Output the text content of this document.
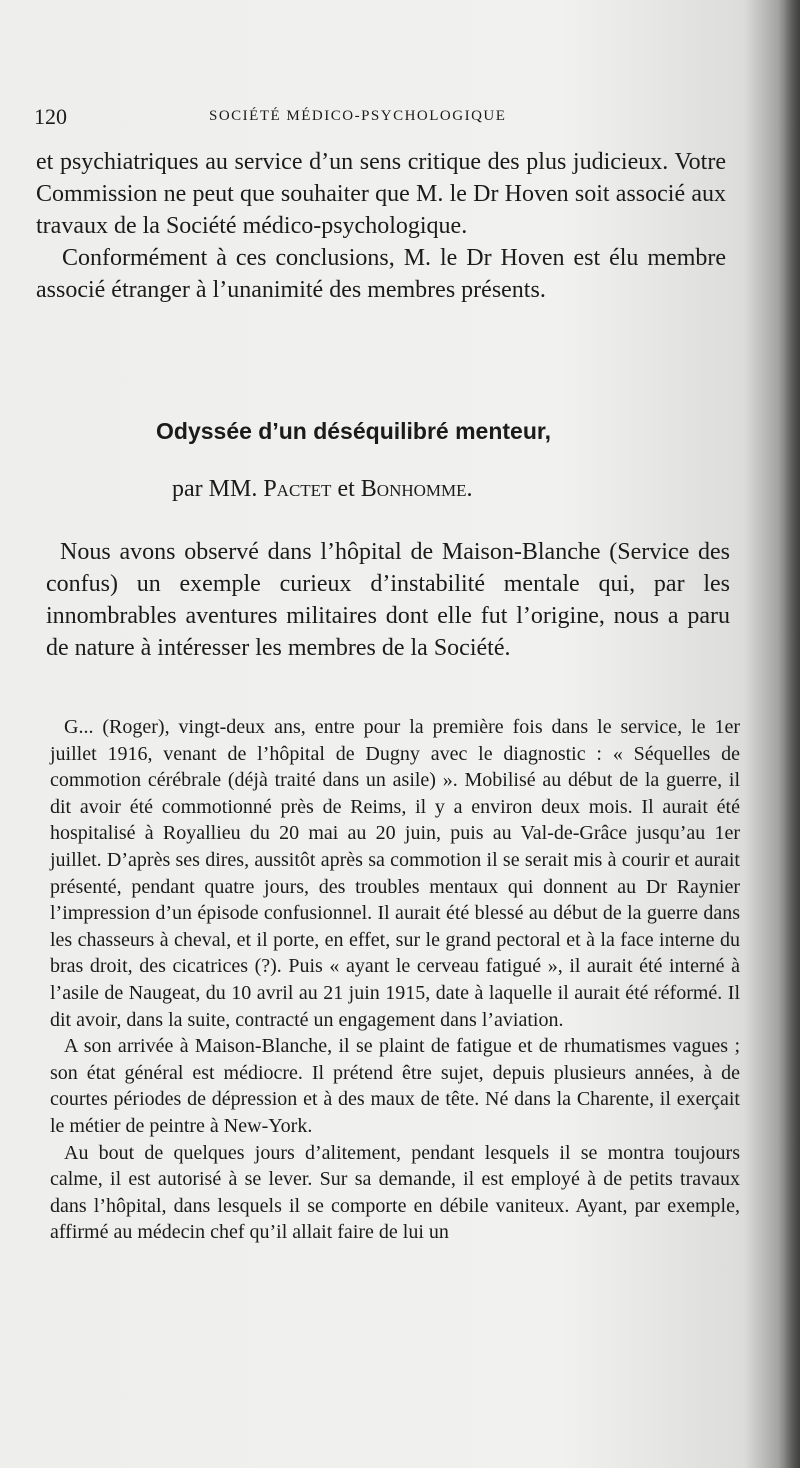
120	SOCIÉTÉ MÉDICO-PSYCHOLOGIQUE

et psychiatriques au service d’un sens critique des plus judicieux. Votre Commission ne peut que souhaiter que M. le Dr Hoven soit associé aux travaux de la Société médico-psychologique.

Conformément à ces conclusions, M. le Dr Hoven est élu membre associé étranger à l’unanimité des membres présents.

Odyssée d’un déséquilibré menteur,
par MM. Pactet et Bonhomme.

Nous avons observé dans l’hôpital de Maison-Blanche (Service des confus) un exemple curieux d’instabilité mentale qui, par les innombrables aventures militaires dont elle fut l’origine, nous a paru de nature à intéresser les membres de la Société.

G... (Roger), vingt-deux ans, entre pour la première fois dans le service, le 1er juillet 1916, venant de l’hôpital de Dugny avec le diagnostic : « Séquelles de commotion cérébrale (déjà traité dans un asile) ». Mobilisé au début de la guerre, il dit avoir été commotionné près de Reims, il y a environ deux mois. Il aurait été hospitalisé à Royallieu du 20 mai au 20 juin, puis au Val-de-Grâce jusqu’au 1er juillet. D’après ses dires, aussitôt après sa commotion il se serait mis à courir et aurait présenté, pendant quatre jours, des troubles mentaux qui donnent au Dr Raynier l’impression d’un épisode confusionnel. Il aurait été blessé au début de la guerre dans les chasseurs à cheval, et il porte, en effet, sur le grand pectoral et à la face interne du bras droit, des cicatrices (?). Puis « ayant le cerveau fatigué », il aurait été interné à l’asile de Naugeat, du 10 avril au 21 juin 1915, date à laquelle il aurait été réformé. Il dit avoir, dans la suite, contracté un engagement dans l’aviation.

A son arrivée à Maison-Blanche, il se plaint de fatigue et de rhumatismes vagues ; son état général est médiocre. Il prétend être sujet, depuis plusieurs années, à de courtes périodes de dépression et à des maux de tête. Né dans la Charente, il exerçait le métier de peintre à New-York.

Au bout de quelques jours d’alitement, pendant lesquels il se montra toujours calme, il est autorisé à se lever. Sur sa demande, il est employé à de petits travaux dans l’hôpital, dans lesquels il se comporte en débile vaniteux. Ayant, par exemple, affirmé au médecin chef qu’il allait faire de lui un
